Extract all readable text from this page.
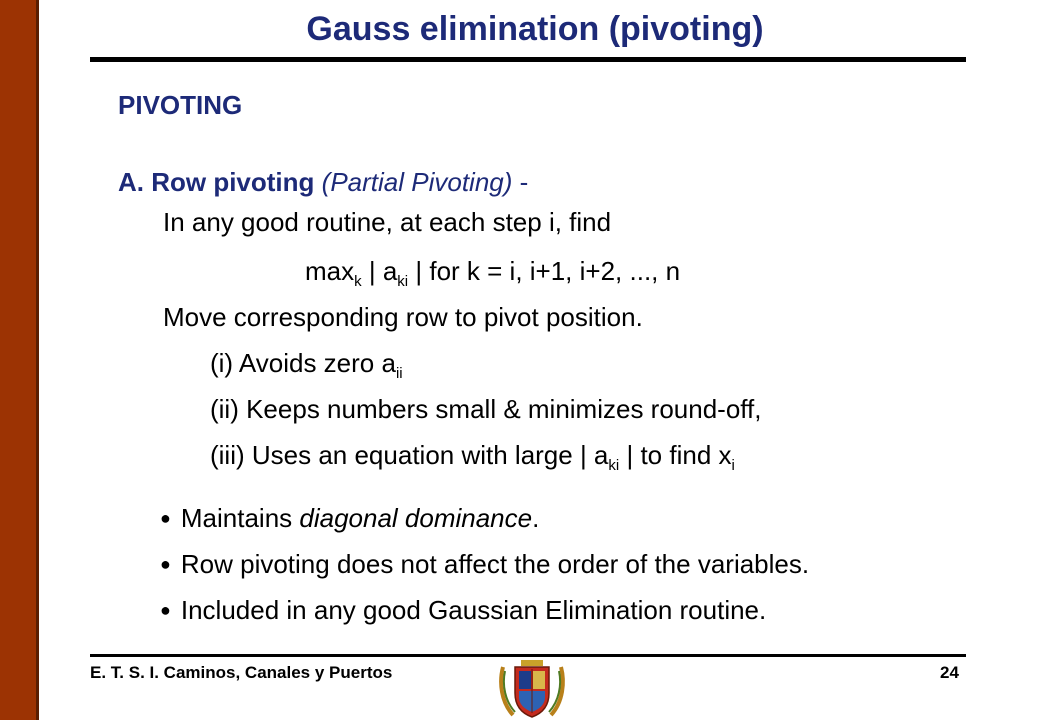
Gauss elimination (pivoting)
PIVOTING
A. Row pivoting (Partial Pivoting) -
In any good routine, at each step i, find
$\max_k$ | $a_{ki}$ | for k = i, i+1, i+2, ..., n
Move corresponding row to pivot position.
(i) Avoids zero $a_{ii}$
(ii) Keeps numbers small & minimizes round-off,
(iii) Uses an equation with large | $a_{ki}$ | to find $x_i$
● Maintains diagonal dominance.
● Row pivoting does not affect the order of the variables.
● Included in any good Gaussian Elimination routine.
E. T. S. I. Caminos, Canales y Puertos	24
